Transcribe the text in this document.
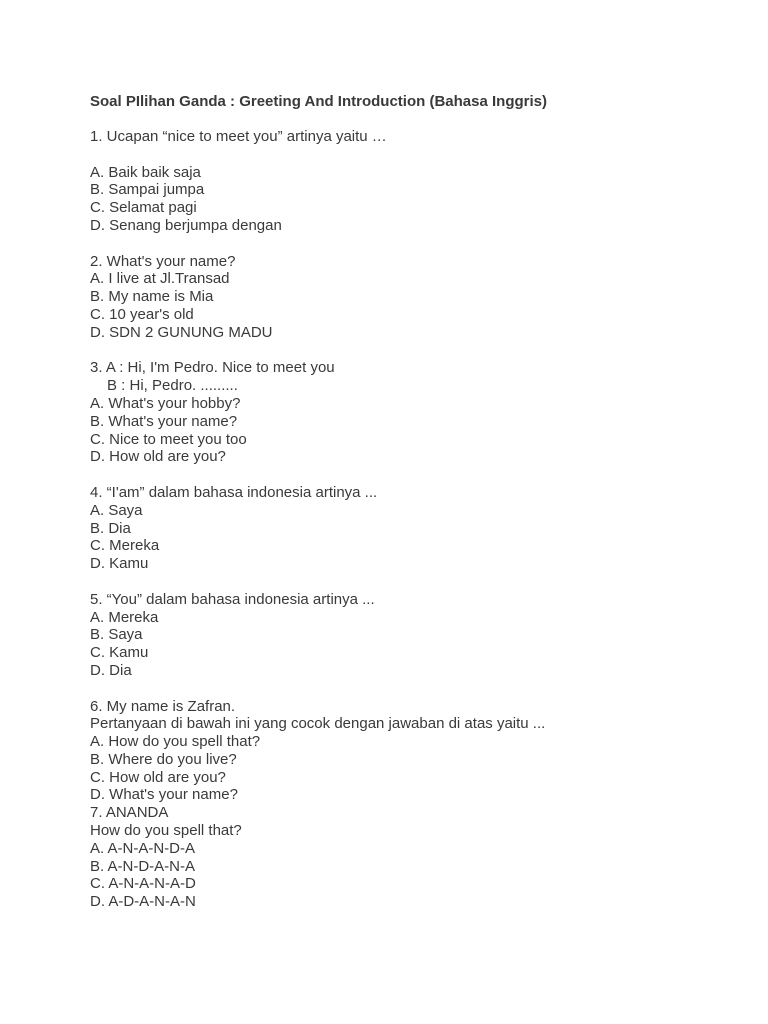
Soal PIlihan Ganda : Greeting And Introduction (Bahasa Inggris)

1. Ucapan “nice to meet you” artinya yaitu …

A. Baik baik saja

B. Sampai jumpa

C. Selamat pagi

D. Senang berjumpa dengan

2. What's your name?

A. I live at Jl.Transad

B. My name is Mia

C. 10 year's old

D. SDN 2 GUNUNG MADU

3. A : Hi, I'm Pedro. Nice to meet you

B : Hi, Pedro. .........

A. What's your hobby?

B. What's your name?

C. Nice to meet you too

D. How old are you?

4. “I'am” dalam bahasa indonesia artinya ...

A. Saya

B. Dia

C. Mereka

D. Kamu

5. “You” dalam bahasa indonesia artinya ...

A. Mereka

B. Saya

C. Kamu

D. Dia

6. My name is Zafran.

Pertanyaan di bawah ini yang cocok dengan jawaban di atas yaitu ...

A. How do you spell that?

B. Where do you live?

C. How old are you?

D. What's your name?

7. ANANDA

How do you spell that?

A. A-N-A-N-D-A

B. A-N-D-A-N-A

C. A-N-A-N-A-D

D. A-D-A-N-A-N
